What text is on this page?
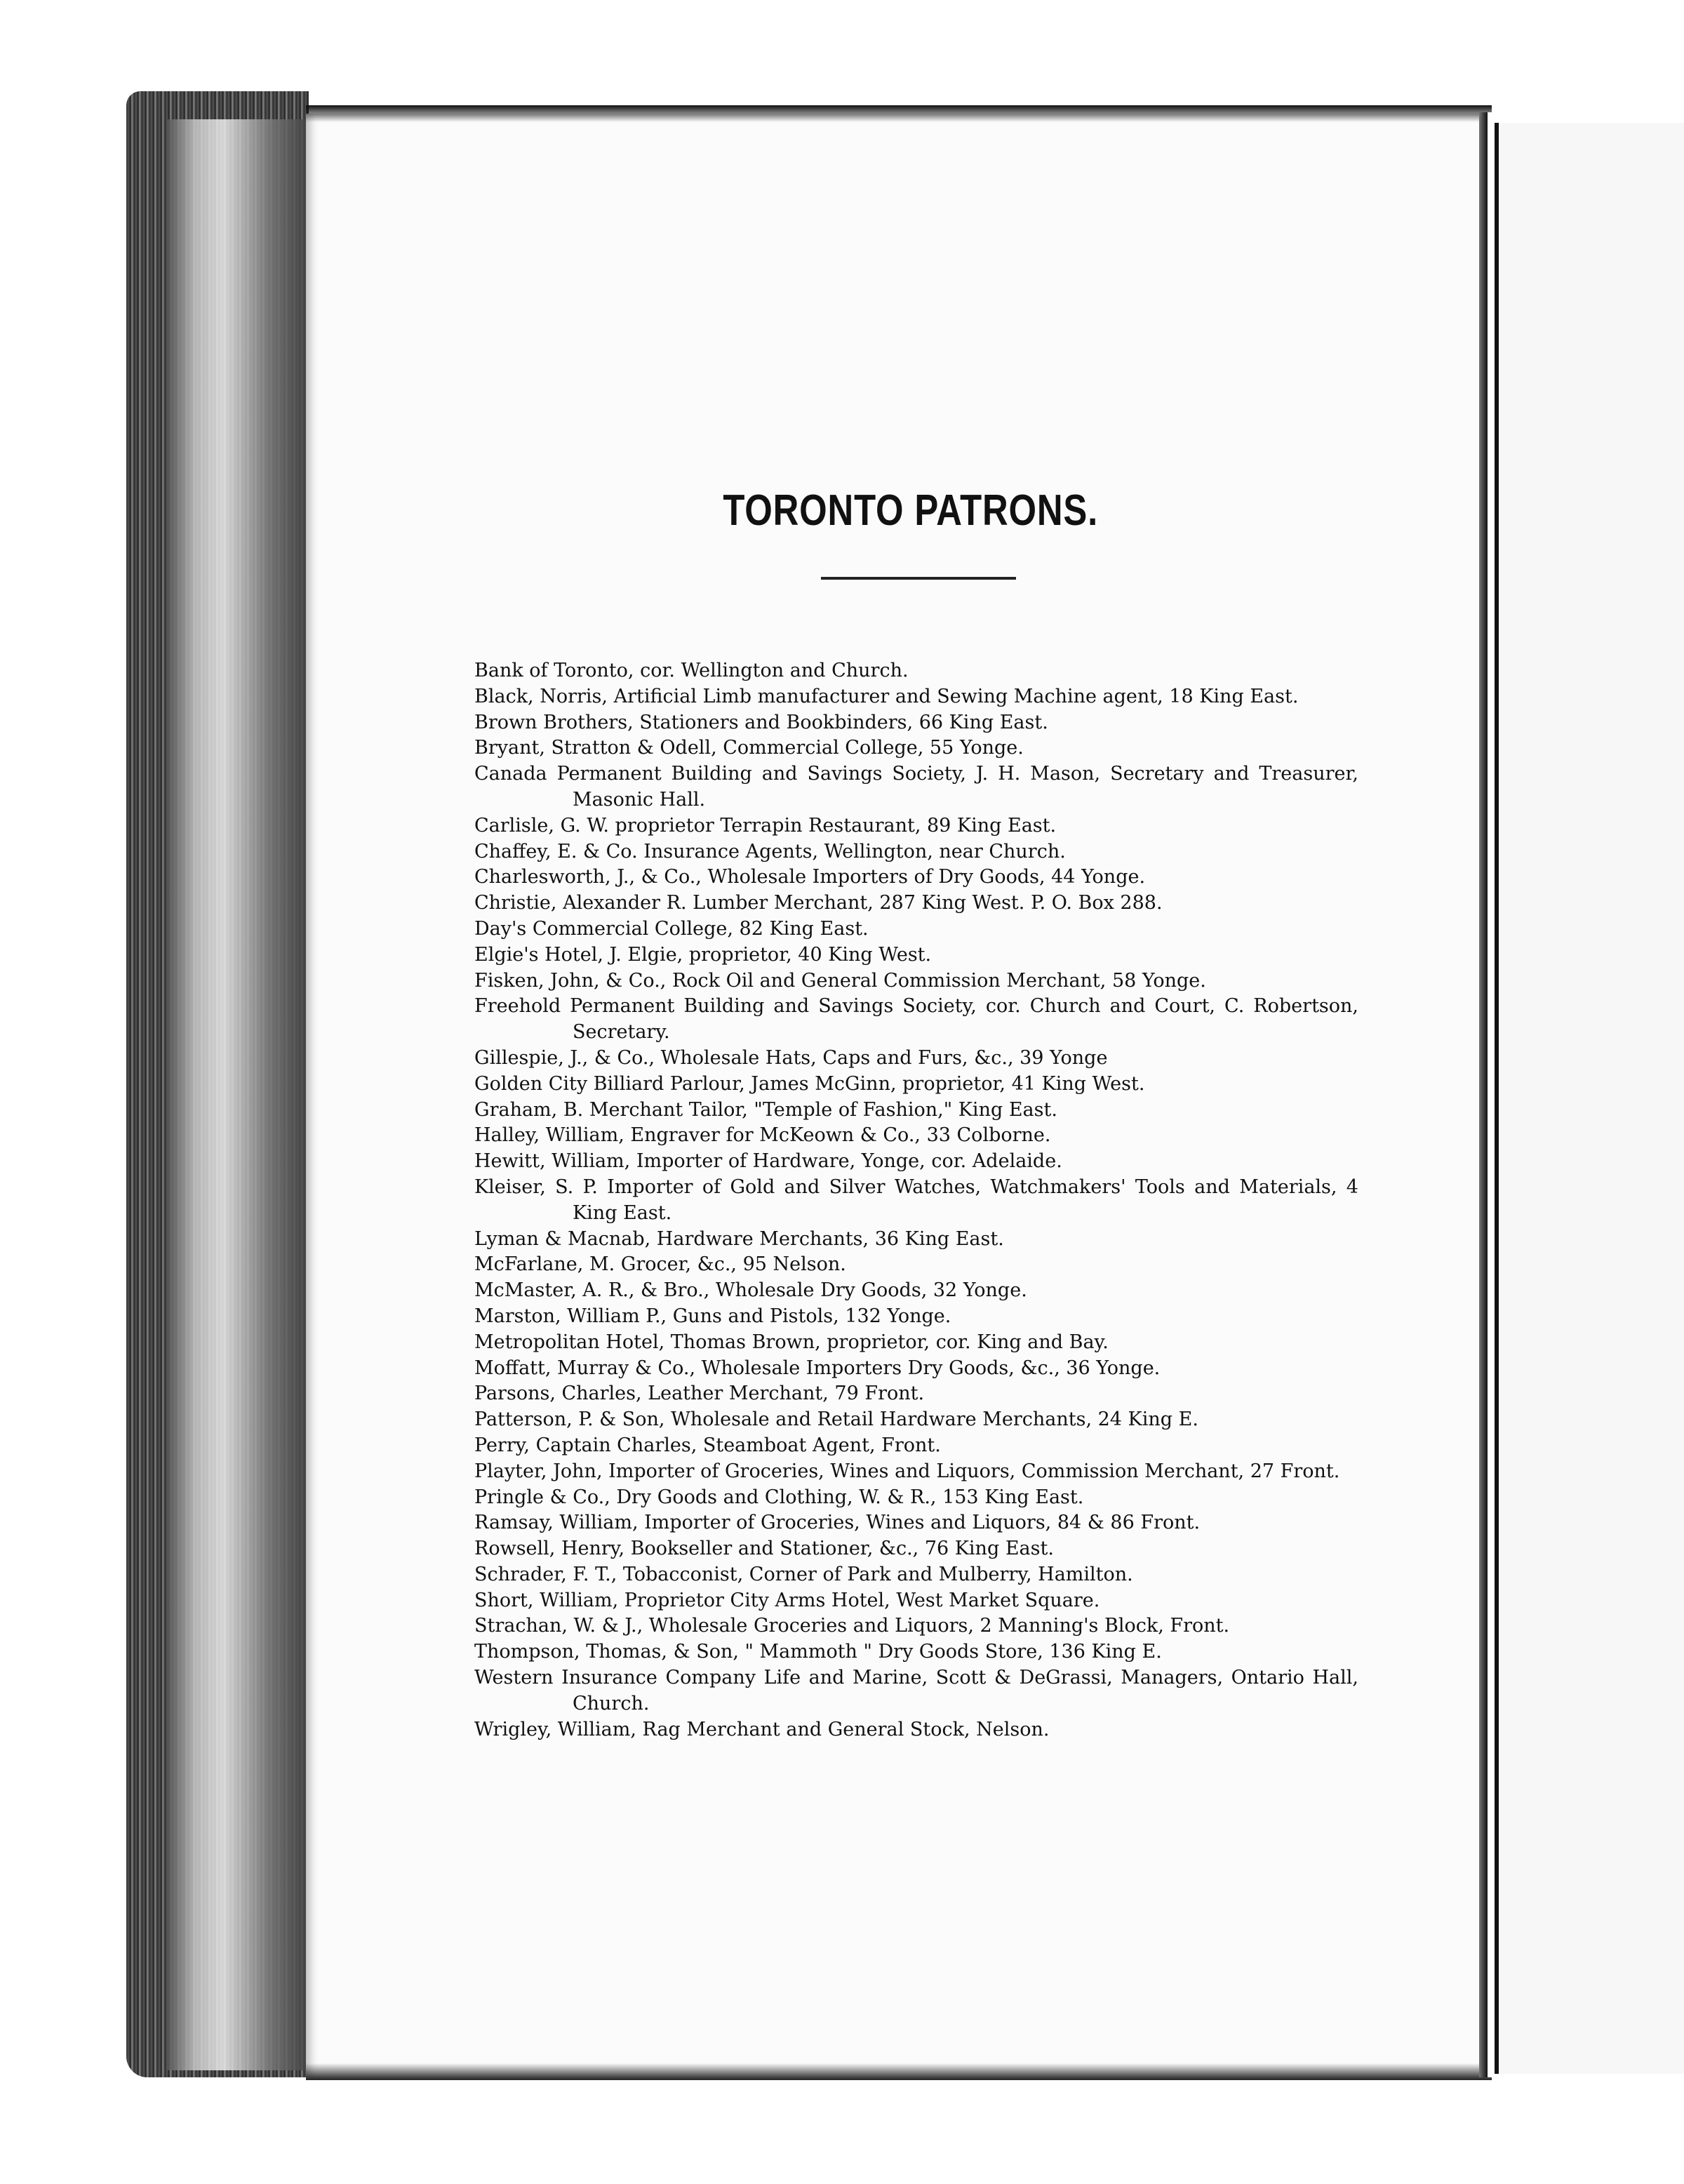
TORONTO PATRONS.
Bank of Toronto, cor. Wellington and Church.
Black, Norris, Artificial Limb manufacturer and Sewing Machine agent, 18 King East.
Brown Brothers, Stationers and Bookbinders, 66 King East.
Bryant, Stratton & Odell, Commercial College, 55 Yonge.
Canada Permanent Building and Savings Society, J. H. Mason, Secretary and Treasurer, Masonic Hall.
Carlisle, G. W. proprietor Terrapin Restaurant, 89 King East.
Chaffey, E. & Co. Insurance Agents, Wellington, near Church.
Charlesworth, J., & Co., Wholesale Importers of Dry Goods, 44 Yonge.
Christie, Alexander R. Lumber Merchant, 287 King West. P. O. Box 288.
Day's Commercial College, 82 King East.
Elgie's Hotel, J. Elgie, proprietor, 40 King West.
Fisken, John, & Co., Rock Oil and General Commission Merchant, 58 Yonge.
Freehold Permanent Building and Savings Society, cor. Church and Court, C. Robertson, Secretary.
Gillespie, J., & Co., Wholesale Hats, Caps and Furs, &c., 39 Yonge
Golden City Billiard Parlour, James McGinn, proprietor, 41 King West.
Graham, B. Merchant Tailor, "Temple of Fashion," King East.
Halley, William, Engraver for McKeown & Co., 33 Colborne.
Hewitt, William, Importer of Hardware, Yonge, cor. Adelaide.
Kleiser, S. P. Importer of Gold and Silver Watches, Watchmakers' Tools and Materials, 4 King East.
Lyman & Macnab, Hardware Merchants, 36 King East.
McFarlane, M. Grocer, &c., 95 Nelson.
McMaster, A. R., & Bro., Wholesale Dry Goods, 32 Yonge.
Marston, William P., Guns and Pistols, 132 Yonge.
Metropolitan Hotel, Thomas Brown, proprietor, cor. King and Bay.
Moffatt, Murray & Co., Wholesale Importers Dry Goods, &c., 36 Yonge.
Parsons, Charles, Leather Merchant, 79 Front.
Patterson, P. & Son, Wholesale and Retail Hardware Merchants, 24 King E.
Perry, Captain Charles, Steamboat Agent, Front.
Playter, John, Importer of Groceries, Wines and Liquors, Commission Merchant, 27 Front.
Pringle & Co., Dry Goods and Clothing, W. & R., 153 King East.
Ramsay, William, Importer of Groceries, Wines and Liquors, 84 & 86 Front.
Rowsell, Henry, Bookseller and Stationer, &c., 76 King East.
Schrader, F. T., Tobacconist, Corner of Park and Mulberry, Hamilton.
Short, William, Proprietor City Arms Hotel, West Market Square.
Strachan, W. & J., Wholesale Groceries and Liquors, 2 Manning's Block, Front.
Thompson, Thomas, & Son, " Mammoth " Dry Goods Store, 136 King E.
Western Insurance Company Life and Marine, Scott & DeGrassi, Managers, Ontario Hall, Church.
Wrigley, William, Rag Merchant and General Stock, Nelson.
